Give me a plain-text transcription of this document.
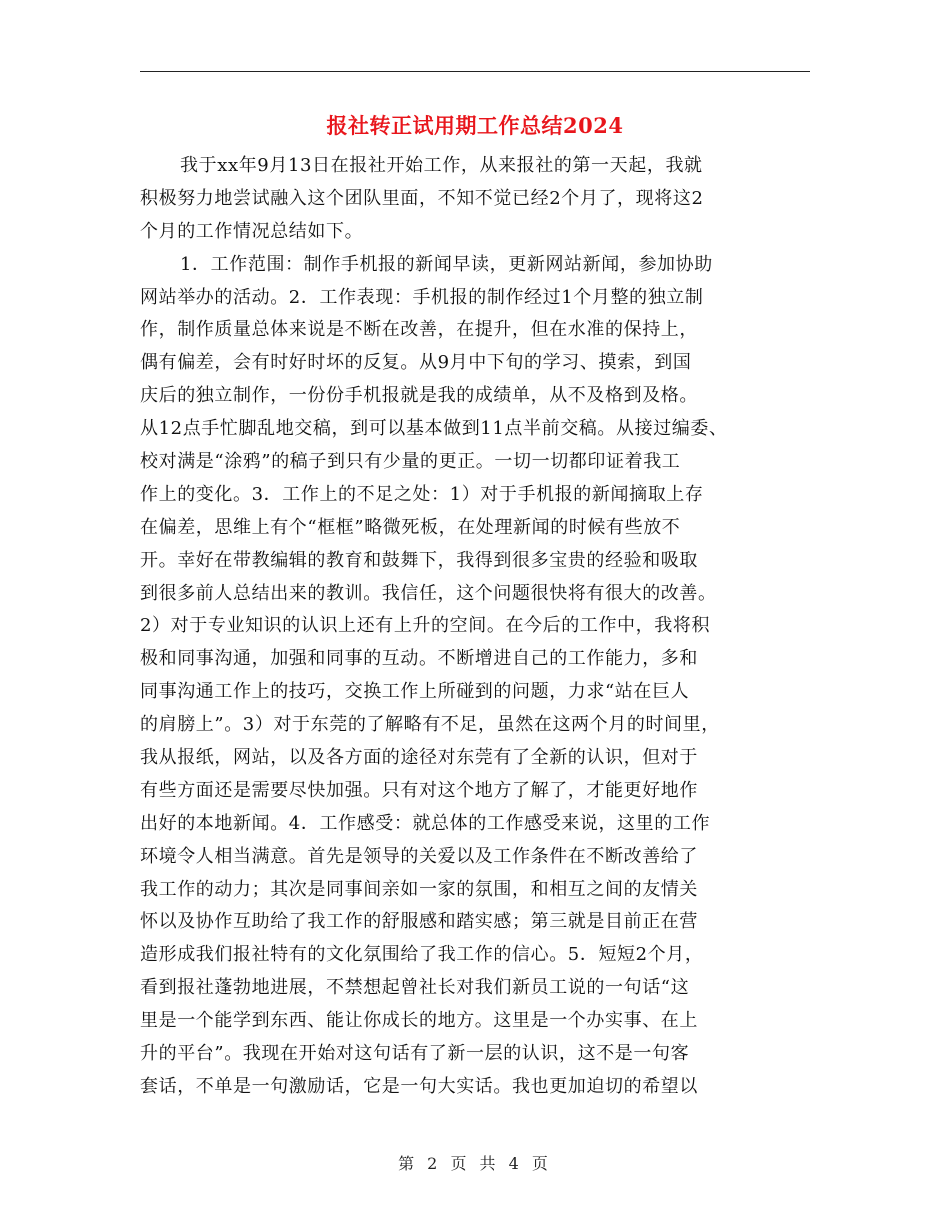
报社转正试用期工作总结2024
我于xx年9月13日在报社开始工作，从来报社的第一天起，我就
积极努力地尝试融入这个团队里面，不知不觉已经2个月了，现将这2
个月的工作情况总结如下。
1．工作范围：制作手机报的新闻早读，更新网站新闻，参加协助
网站举办的活动。2．工作表现：手机报的制作经过1个月整的独立制
作，制作质量总体来说是不断在改善，在提升，但在水准的保持上，
偶有偏差，会有时好时坏的反复。从9月中下旬的学习、摸索，到国
庆后的独立制作，一份份手机报就是我的成绩单，从不及格到及格。
从12点手忙脚乱地交稿，到可以基本做到11点半前交稿。从接过编委、
校对满是“涂鸦”的稿子到只有少量的更正。一切一切都印证着我工
作上的变化。3．工作上的不足之处：1）对于手机报的新闻摘取上存
在偏差，思维上有个“框框”略微死板，在处理新闻的时候有些放不
开。幸好在带教编辑的教育和鼓舞下，我得到很多宝贵的经验和吸取
到很多前人总结出来的教训。我信任，这个问题很快将有很大的改善。
2）对于专业知识的认识上还有上升的空间。在今后的工作中，我将积
极和同事沟通，加强和同事的互动。不断增进自己的工作能力，多和
同事沟通工作上的技巧，交换工作上所碰到的问题，力求“站在巨人
的肩膀上”。3）对于东莞的了解略有不足，虽然在这两个月的时间里，
我从报纸，网站，以及各方面的途径对东莞有了全新的认识，但对于
有些方面还是需要尽快加强。只有对这个地方了解了，才能更好地作
出好的本地新闻。4．工作感受：就总体的工作感受来说，这里的工作
环境令人相当满意。首先是领导的关爱以及工作条件在不断改善给了
我工作的动力；其次是同事间亲如一家的氛围，和相互之间的友情关
怀以及协作互助给了我工作的舒服感和踏实感；第三就是目前正在营
造形成我们报社特有的文化氛围给了我工作的信心。5．短短2个月，
看到报社蓬勃地进展，不禁想起曾社长对我们新员工说的一句话“这
里是一个能学到东西、能让你成长的地方。这里是一个办实事、在上
升的平台”。我现在开始对这句话有了新一层的认识，这不是一句客
套话，不单是一句激励话，它是一句大实话。我也更加迫切的希望以
第 2 页 共 4 页
